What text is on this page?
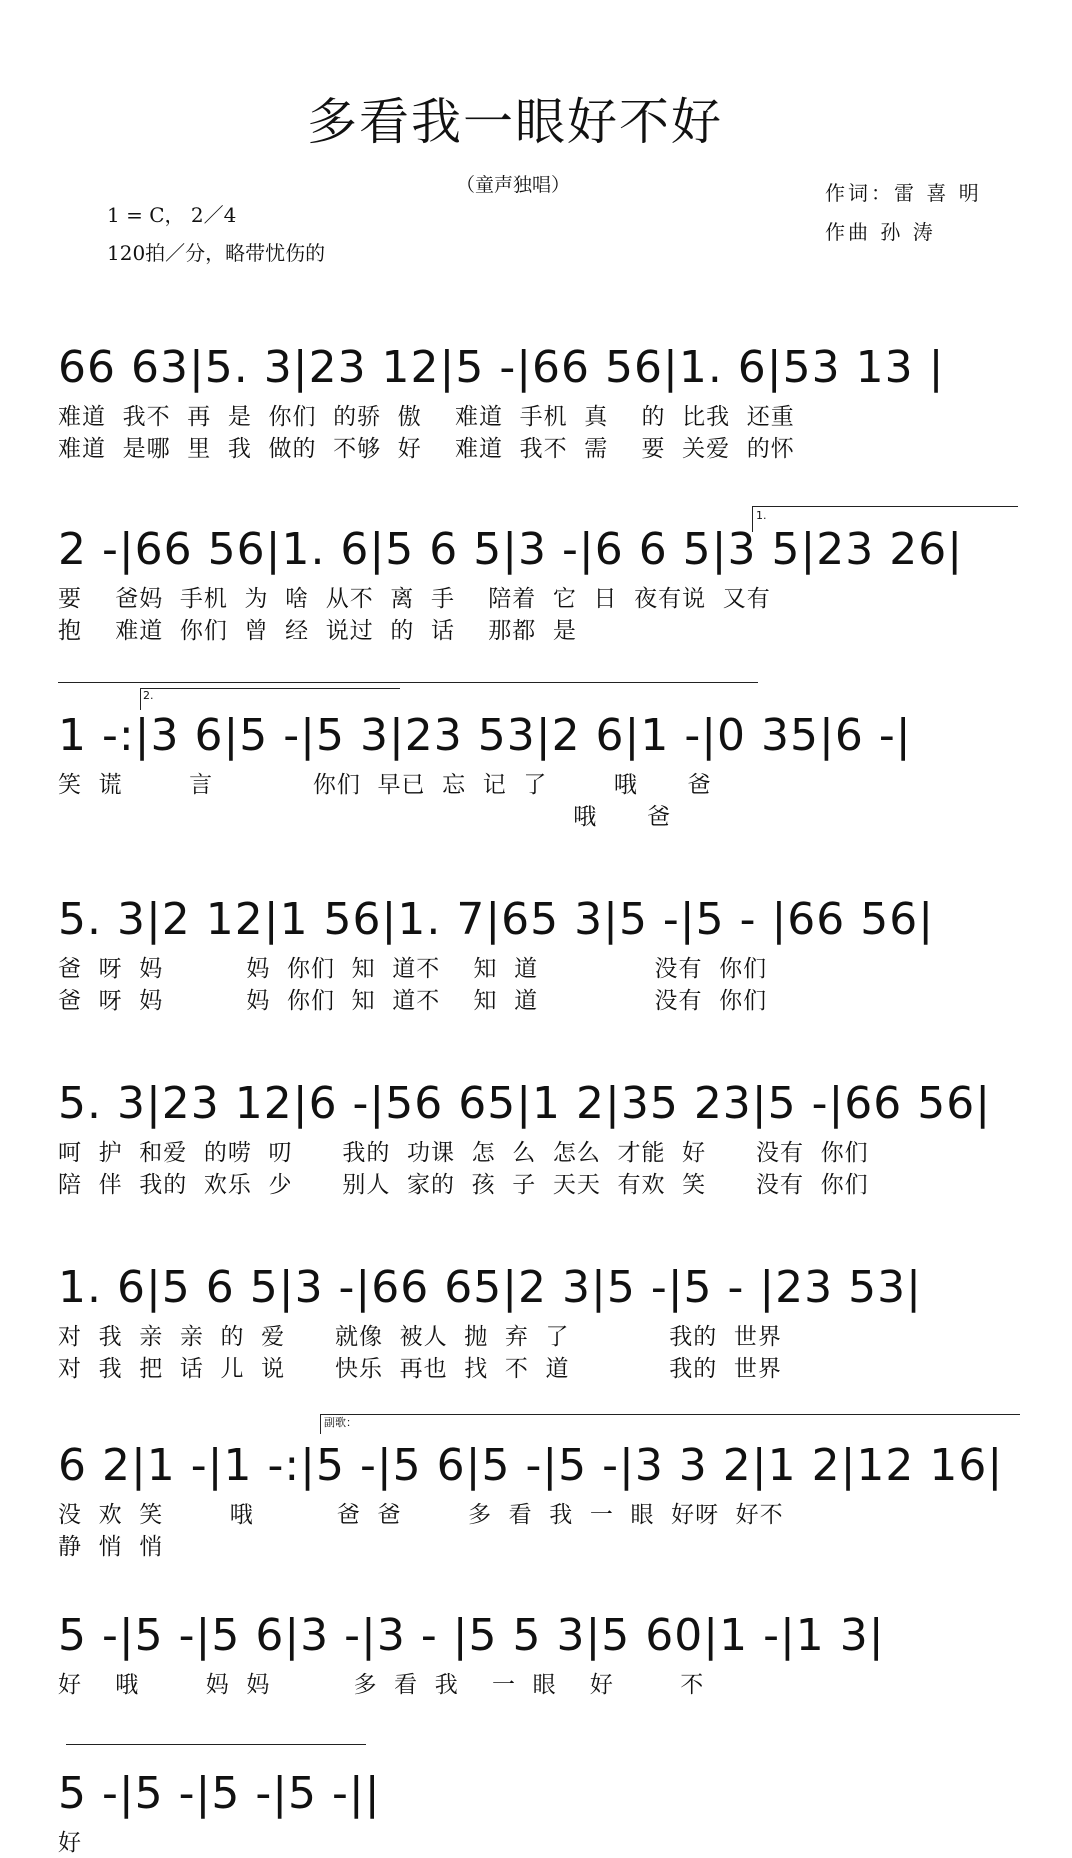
多看我一眼好不好
（童声独唱）
1 = C， 2／4
120拍／分，略带忧伤的
作词：雷 喜 明
作曲 孙 涛
66 63|5. 3|23 12|5 -|66 56|1. 6|53 13 |
难道  我不  再  是  你们  的骄  傲    难道  手机  真    的  比我  还重
难道  是哪  里  我  做的  不够  好    难道  我不  需    要  关爱  的怀
2 -|66 56|1. 6|5 6 5|3 -|6 6 5|3 5|23 26|
要    爸妈  手机  为  啥  从不  离  手    陪着  它  日  夜有说  又有
抱    难道  你们  曾  经  说过  的  话    那都  是
1.
1 -:|3 6|5 -|5 3|23 53|2 6|1 -|0 35|6 -|
笑  谎        言            你们  早已  忘  记  了        哦      爸
哦      爸
2.
5. 3|2 12|1 56|1. 7|65 3|5 -|5 - |66 56|
爸  呀  妈          妈  你们  知  道不    知  道              没有  你们
爸  呀  妈          妈  你们  知  道不    知  道              没有  你们
5. 3|23 12|6 -|56 65|1 2|35 23|5 -|66 56|
呵  护  和爱  的唠  叨      我的  功课  怎  么  怎么  才能  好      没有  你们
陪  伴  我的  欢乐  少      别人  家的  孩  子  天天  有欢  笑      没有  你们
1. 6|5 6 5|3 -|66 65|2 3|5 -|5 - |23 53|
对  我  亲  亲  的  爱      就像  被人  抛  弃  了            我的  世界
对  我  把  话  儿  说      快乐  再也  找  不  道            我的  世界
6 2|1 -|1 -:|5 -|5 6|5 -|5 -|3 3 2|1 2|12 16|
没  欢  笑        哦          爸  爸        多  看  我  一  眼  好呀  好不
静  悄  悄
副歌：
5 -|5 -|5 6|3 -|3 - |5 5 3|5 60|1 -|1 3|
好    哦        妈  妈          多  看  我    一  眼    好        不
5 -|5 -|5 -|5 -||
好
